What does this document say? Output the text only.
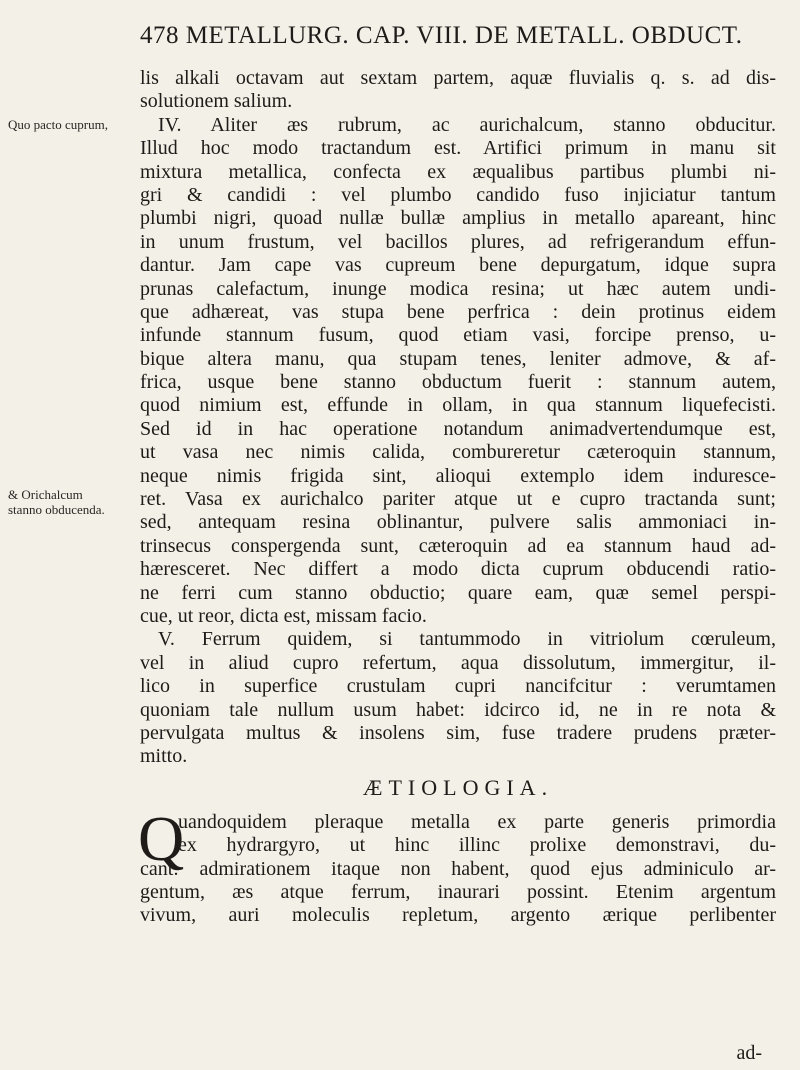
478 METALLURG. CAP. VIII. DE METALL. OBDUCT.
Quo pacto cuprum,
& Orichalcum stanno obducenda.
lis alkali octavam aut sextam partem, aquæ fluvialis q. s. ad dis-
solutionem salium.
IV. Aliter æs rubrum, ac aurichalcum, stanno obducitur.
Illud hoc modo tractandum est. Artifici primum in manu sit
mixtura metallica, confecta ex æqualibus partibus plumbi ni-
gri & candidi : vel plumbo candido fuso injiciatur tantum
plumbi nigri, quoad nullæ bullæ amplius in metallo apareant, hinc
in unum frustum, vel bacillos plures, ad refrigerandum effun-
dantur. Jam cape vas cupreum bene depurgatum, idque supra
prunas calefactum, inunge modica resina; ut hæc autem undi-
que adhæreat, vas stupa bene perfrica : dein protinus eidem
infunde stannum fusum, quod etiam vasi, forcipe prenso, u-
bique altera manu, qua stupam tenes, leniter admove, & af-
frica, usque bene stanno obductum fuerit : stannum autem,
quod nimium est, effunde in ollam, in qua stannum liquefecisti.
Sed id in hac operatione notandum animadvertendumque est,
ut vasa nec nimis calida, combureretur cæteroquin stannum,
neque nimis frigida sint, alioqui extemplo idem induresce-
ret. Vasa ex aurichalco pariter atque ut e cupro tractanda sunt;
sed, antequam resina oblinantur, pulvere salis ammoniaci in-
trinsecus conspergenda sunt, cæteroquin ad ea stannum haud ad-
hæresceret. Nec differt a modo dicta cuprum obducendi ratio-
ne ferri cum stanno obductio; quare eam, quæ semel perspi-
cue, ut reor, dicta est, missam facio.
V. Ferrum quidem, si tantummodo in vitriolum cœruleum,
vel in aliud cupro refertum, aqua dissolutum, immergitur, il-
lico in superfice crustulam cupri nancifcitur : verumtamen
quoniam tale nullum usum habet: idcirco id, ne in re nota &
pervulgata multus & insolens sim, fuse tradere prudens præter-
mitto.
ÆTIOLOGIA.
Q
uandoquidem pleraque metalla ex parte generis primordia
ex hydrargyro, ut hinc illinc prolixe demonstravi, du-
cant: admirationem itaque non habent, quod ejus adminiculo ar-
gentum, æs atque ferrum, inaurari possint. Etenim argentum
vivum, auri moleculis repletum, argento ærique perlibenter
ad-
